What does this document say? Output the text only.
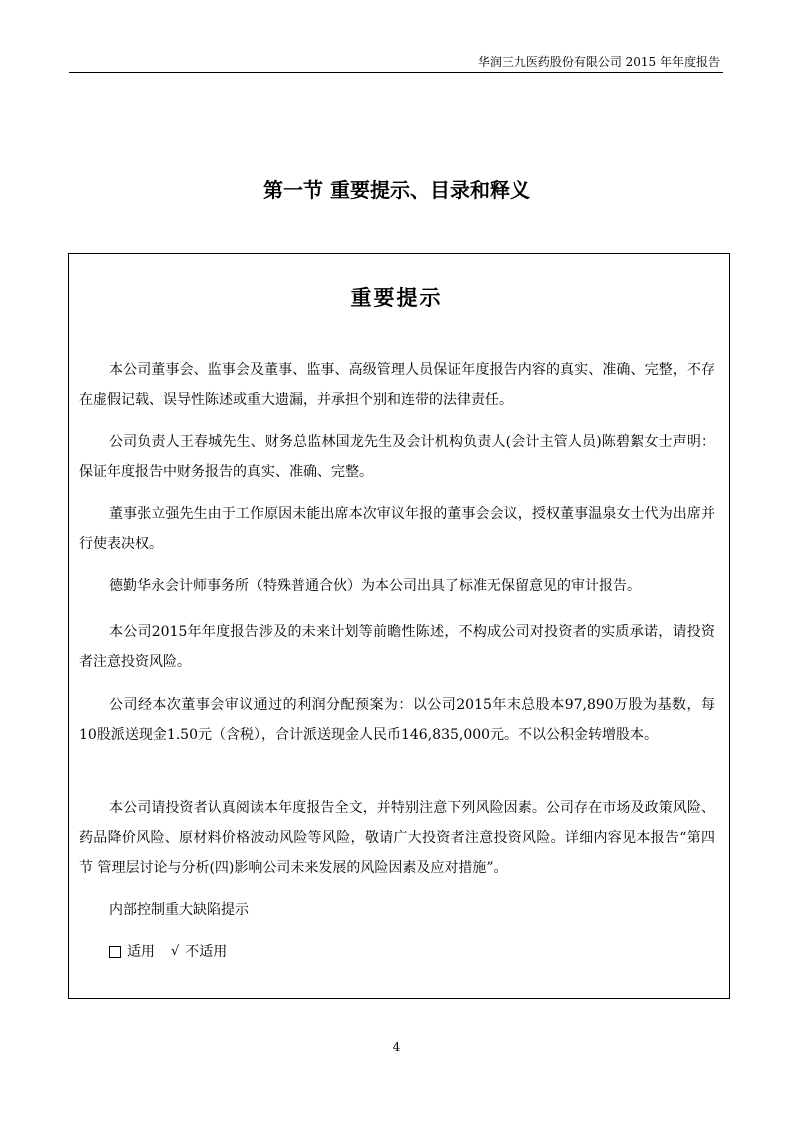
华润三九医药股份有限公司 2015 年年度报告
第一节 重要提示、目录和释义
重要提示

本公司董事会、监事会及董事、监事、高级管理人员保证年度报告内容的真实、准确、完整，不存在虚假记载、误导性陈述或重大遗漏，并承担个别和连带的法律责任。

公司负责人王春城先生、财务总监林国龙先生及会计机构负责人(会计主管人员)陈碧絮女士声明：保证年度报告中财务报告的真实、准确、完整。

董事张立强先生由于工作原因未能出席本次审议年报的董事会会议，授权董事温泉女士代为出席并行使表决权。

德勤华永会计师事务所（特殊普通合伙）为本公司出具了标准无保留意见的审计报告。

本公司2015年年度报告涉及的未来计划等前瞻性陈述，不构成公司对投资者的实质承诺，请投资者注意投资风险。

公司经本次董事会审议通过的利润分配预案为：以公司2015年末总股本97,890万股为基数，每10股派送现金1.50元（含税），合计派送现金人民币146,835,000元。不以公积金转增股本。

本公司请投资者认真阅读本年度报告全文，并特别注意下列风险因素。公司存在市场及政策风险、药品降价风险、原材料价格波动风险等风险，敬请广大投资者注意投资风险。详细内容见本报告“第四节 管理层讨论与分析(四)影响公司未来发展的风险因素及应对措施”。

内部控制重大缺陷提示

适用 √ 不适用
4
